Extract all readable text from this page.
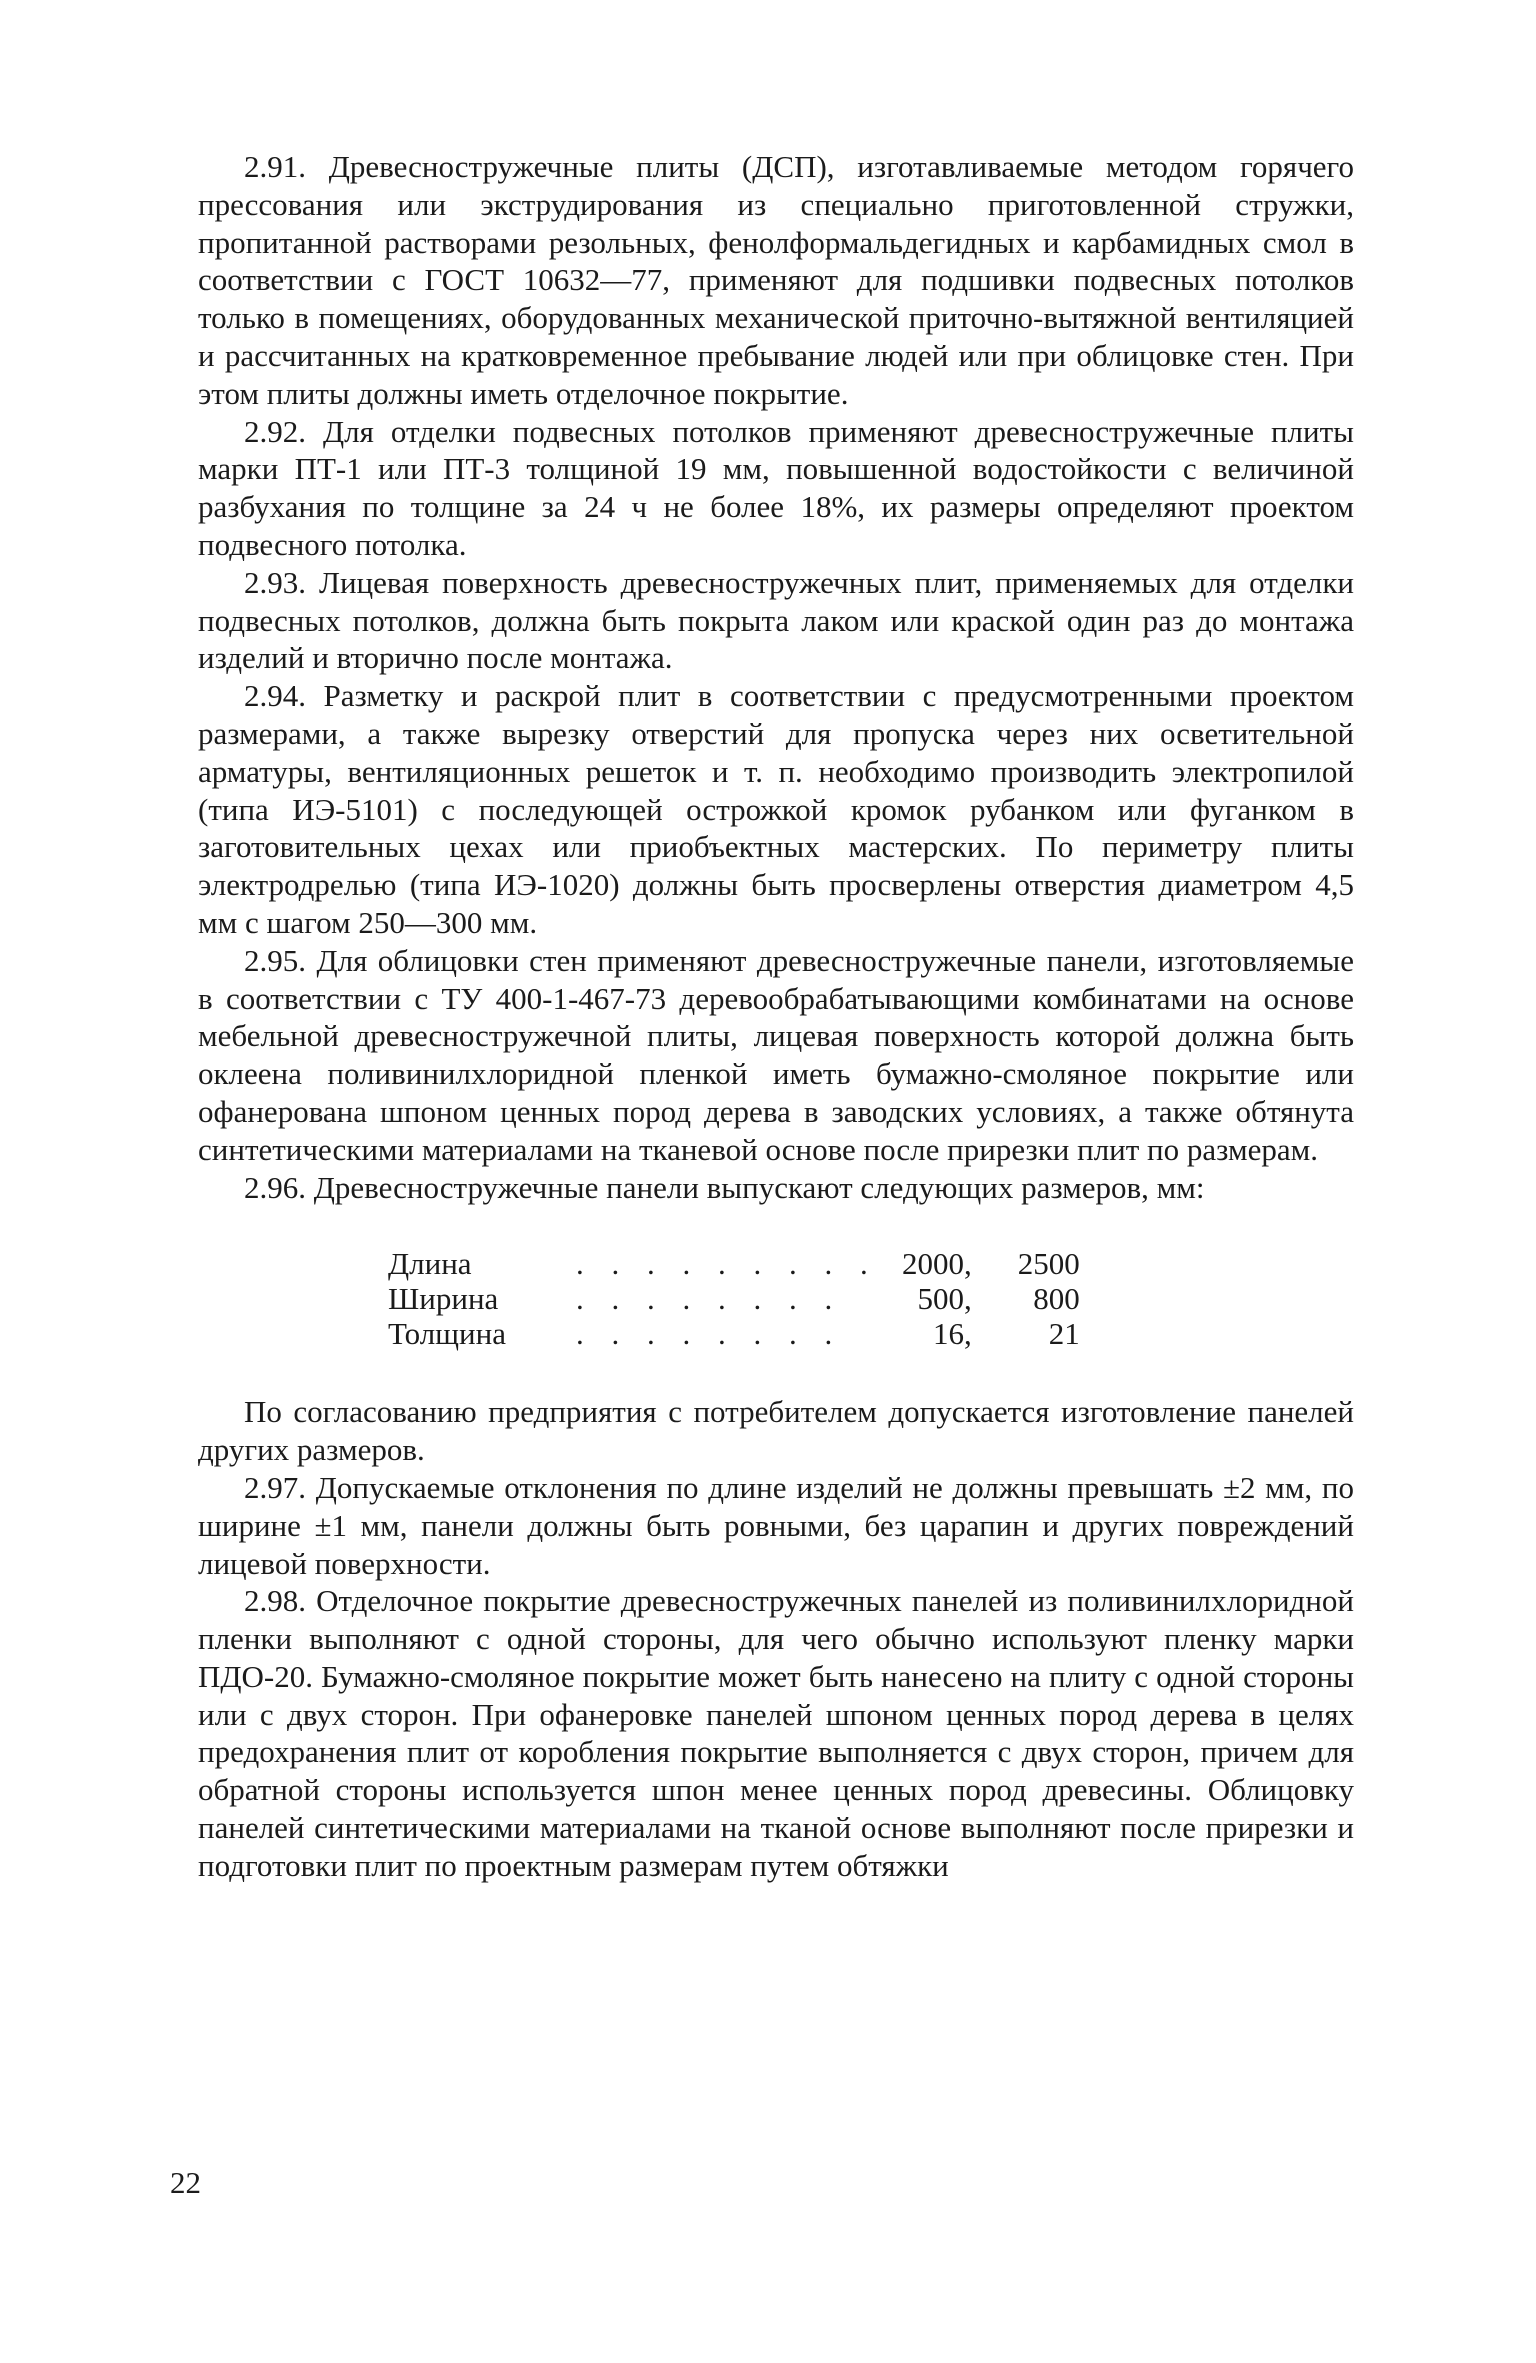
2.91. Древесностружечные плиты (ДСП), изготавливаемые методом горячего прессования или экструдирования из специально приготовленной стружки, пропитанной растворами резольных, фенолформальдегидных и карбамидных смол в соответствии с ГОСТ 10632—77, применяют для подшивки подвесных потолков только в помещениях, оборудованных механической приточно-вытяжной вентиляцией и рассчитанных на кратковременное пребывание людей или при облицовке стен. При этом плиты должны иметь отделочное покрытие.

2.92. Для отделки подвесных потолков применяют древесностружечные плиты марки ПТ-1 или ПТ-3 толщиной 19 мм, повышенной водостойкости с величиной разбухания по толщине за 24 ч не более 18%, их размеры определяют проектом подвесного потолка.

2.93. Лицевая поверхность древесностружечных плит, применяемых для отделки подвесных потолков, должна быть покрыта лаком или краской один раз до монтажа изделий и вторично после монтажа.

2.94. Разметку и раскрой плит в соответствии с предусмотренными проектом размерами, а также вырезку отверстий для пропуска через них осветительной арматуры, вентиляционных решеток и т. п. необходимо производить электропилой (типа ИЭ-5101) с последующей острожкой кромок рубанком или фуганком в заготовительных цехах или приобъектных мастерских. По периметру плиты электродрелью (типа ИЭ-1020) должны быть просверлены отверстия диаметром 4,5 мм с шагом 250—300 мм.

2.95. Для облицовки стен применяют древесностружечные панели, изготовляемые в соответствии с ТУ 400-1-467-73 деревообрабатывающими комбинатами на основе мебельной древесностружечной плиты, лицевая поверхность которой должна быть оклеена поливинилхлоридной пленкой иметь бумажно-смоляное покрытие или офанерована шпоном ценных пород дерева в заводских условиях, а также обтянута синтетическими материалами на тканевой основе после прирезки плит по размерам.

2.96. Древесностружечные панели выпускают следующих размеров, мм:

Длина	. . . . . . . . .	2000,	2500
Ширина	. . . . . . . .	500,	800
Толщина	. . . . . . . .	16,	21

По согласованию предприятия с потребителем допускается изготовление панелей других размеров.

2.97. Допускаемые отклонения по длине изделий не должны превышать ±2 мм, по ширине ±1 мм, панели должны быть ровными, без царапин и других повреждений лицевой поверхности.

2.98. Отделочное покрытие древесностружечных панелей из поливинилхлоридной пленки выполняют с одной стороны, для чего обычно используют пленку марки ПДО-20. Бумажно-смоляное покрытие может быть нанесено на плиту с одной стороны или с двух сторон. При офанеровке панелей шпоном ценных пород дерева в целях предохранения плит от коробления покрытие выполняется с двух сторон, причем для обратной стороны используется шпон менее ценных пород древесины. Облицовку панелей синтетическими материалами на тканой основе выполняют после прирезки и подготовки плит по проектным размерам путем обтяжки

22
